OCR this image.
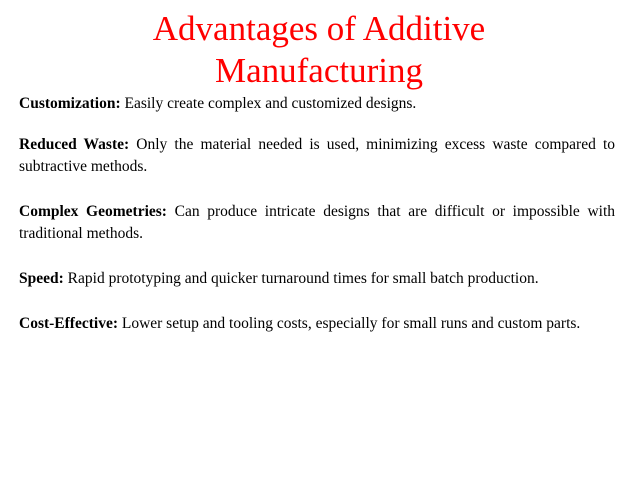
Advantages of Additive
Manufacturing
Customization: Easily create complex and customized designs.
Reduced Waste: Only the material needed is used, minimizing excess waste compared to subtractive methods.
Complex Geometries: Can produce intricate designs that are difficult or impossible with traditional methods.
Speed: Rapid prototyping and quicker turnaround times for small batch production.
Cost-Effective: Lower setup and tooling costs, especially for small runs and custom parts.
